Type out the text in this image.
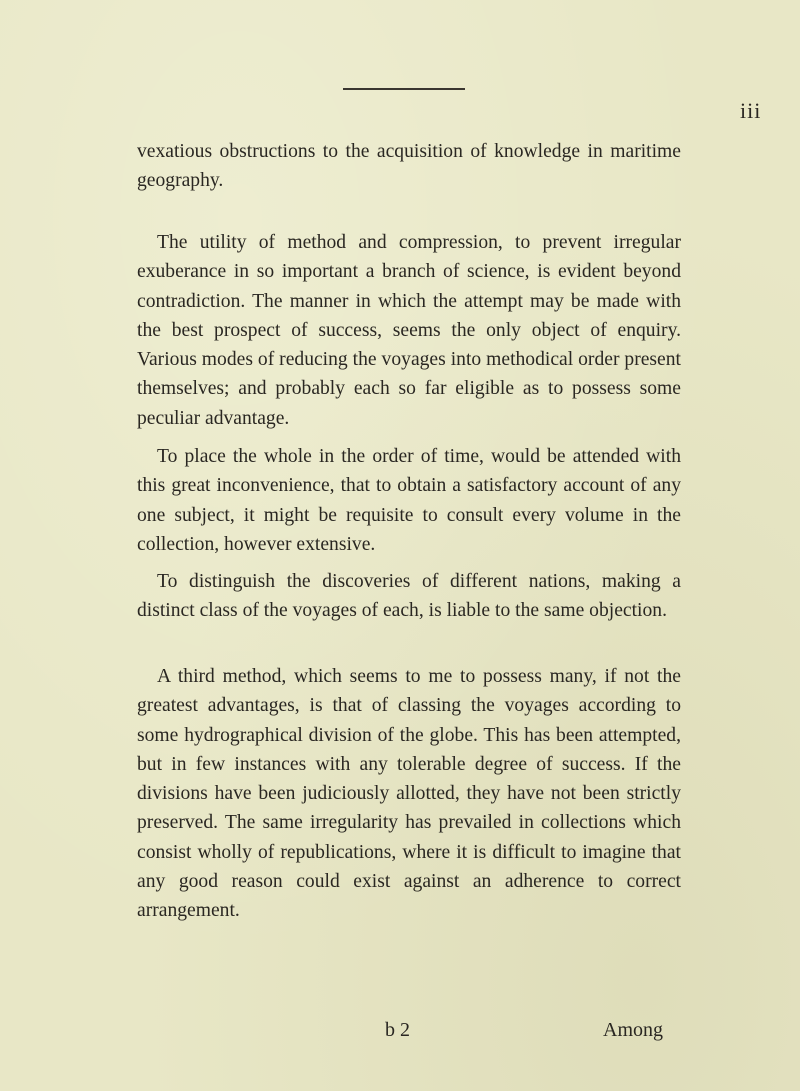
iii

vexatious obstructions to the acquisition of knowledge in maritime geography.

The utility of method and compression, to prevent irregular exuberance in so important a branch of science, is evident beyond contradiction. The manner in which the attempt may be made with the best prospect of success, seems the only object of enquiry. Various modes of reducing the voyages into methodical order present themselves; and probably each so far eligible as to possess some peculiar advantage.

To place the whole in the order of time, would be attended with this great inconvenience, that to obtain a satisfactory account of any one subject, it might be requisite to consult every volume in the collection, however extensive.

To distinguish the discoveries of different nations, making a distinct class of the voyages of each, is liable to the same objection.

A third method, which seems to me to possess many, if not the greatest advantages, is that of classing the voyages according to some hydrographical division of the globe. This has been attempted, but in few instances with any tolerable degree of success. If the divisions have been judiciously allotted, they have not been strictly preserved. The same irregularity has prevailed in collections which consist wholly of republications, where it is difficult to imagine that any good reason could exist against an adherence to correct arrangement.

b 2	Among
